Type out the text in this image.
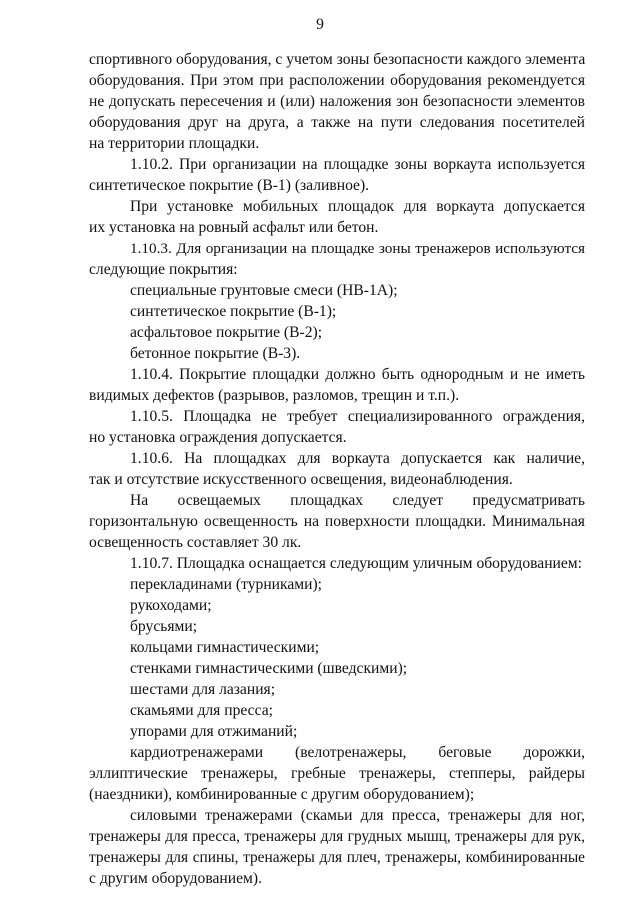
9
спортивного оборудования, с учетом зоны безопасности каждого элемента
оборудования. При этом при расположении оборудования рекомендуется
не допускать пересечения и (или) наложения зон безопасности элементов
оборудования друг на друга, а также на пути следования посетителей
на территории площадки.
1.10.2. При организации на площадке зоны воркаута используется
синтетическое покрытие (В-1) (заливное).
При установке мобильных площадок для воркаута допускается
их установка на ровный асфальт или бетон.
1.10.3. Для организации на площадке зоны тренажеров используются
следующие покрытия:
специальные грунтовые смеси (НВ-1А);
синтетическое покрытие (В-1);
асфальтовое покрытие (В-2);
бетонное покрытие (В-3).
1.10.4. Покрытие площадки должно быть однородным и не иметь
видимых дефектов (разрывов, разломов, трещин и т.п.).
1.10.5. Площадка не требует специализированного ограждения,
но установка ограждения допускается.
1.10.6. На площадках для воркаута допускается как наличие,
так и отсутствие искусственного освещения, видеонаблюдения.
На освещаемых площадках следует предусматривать
горизонтальную освещенность на поверхности площадки. Минимальная
освещенность составляет 30 лк.
1.10.7. Площадка оснащается следующим уличным оборудованием:
перекладинами (турниками);
рукоходами;
брусьями;
кольцами гимнастическими;
стенками гимнастическими (шведскими);
шестами для лазания;
скамьями для пресса;
упорами для отжиманий;
кардиотренажерами (велотренажеры, беговые дорожки,
эллиптические тренажеры, гребные тренажеры, степперы, райдеры
(наездники), комбинированные с другим оборудованием);
силовыми тренажерами (скамьи для пресса, тренажеры для ног,
тренажеры для пресса, тренажеры для грудных мышц, тренажеры для рук,
тренажеры для спины, тренажеры для плеч, тренажеры, комбинированные
с другим оборудованием).
